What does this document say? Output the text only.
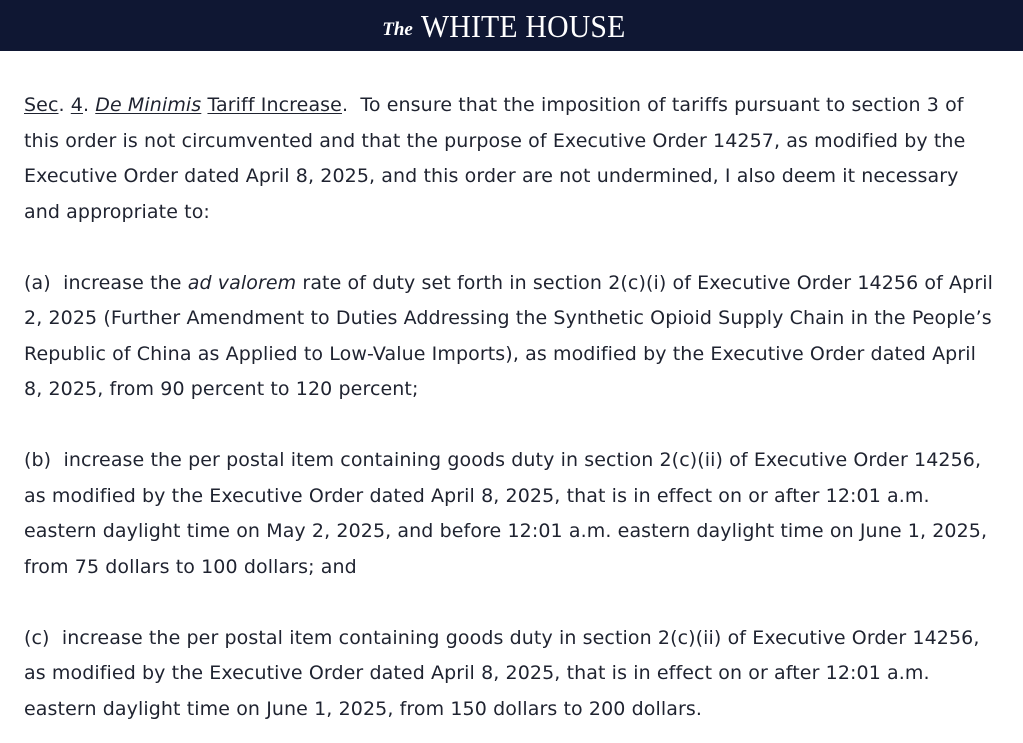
The WHITE HOUSE

Sec. 4. De Minimis Tariff Increase. To ensure that the imposition of tariffs pursuant to section 3 of this order is not circumvented and that the purpose of Executive Order 14257, as modified by the Executive Order dated April 8, 2025, and this order are not undermined, I also deem it necessary and appropriate to:

(a) increase the ad valorem rate of duty set forth in section 2(c)(i) of Executive Order 14256 of April 2, 2025 (Further Amendment to Duties Addressing the Synthetic Opioid Supply Chain in the People’s Republic of China as Applied to Low-Value Imports), as modified by the Executive Order dated April 8, 2025, from 90 percent to 120 percent;

(b) increase the per postal item containing goods duty in section 2(c)(ii) of Executive Order 14256, as modified by the Executive Order dated April 8, 2025, that is in effect on or after 12:01 a.m. eastern daylight time on May 2, 2025, and before 12:01 a.m. eastern daylight time on June 1, 2025, from 75 dollars to 100 dollars; and

(c) increase the per postal item containing goods duty in section 2(c)(ii) of Executive Order 14256, as modified by the Executive Order dated April 8, 2025, that is in effect on or after 12:01 a.m. eastern daylight time on June 1, 2025, from 150 dollars to 200 dollars.
